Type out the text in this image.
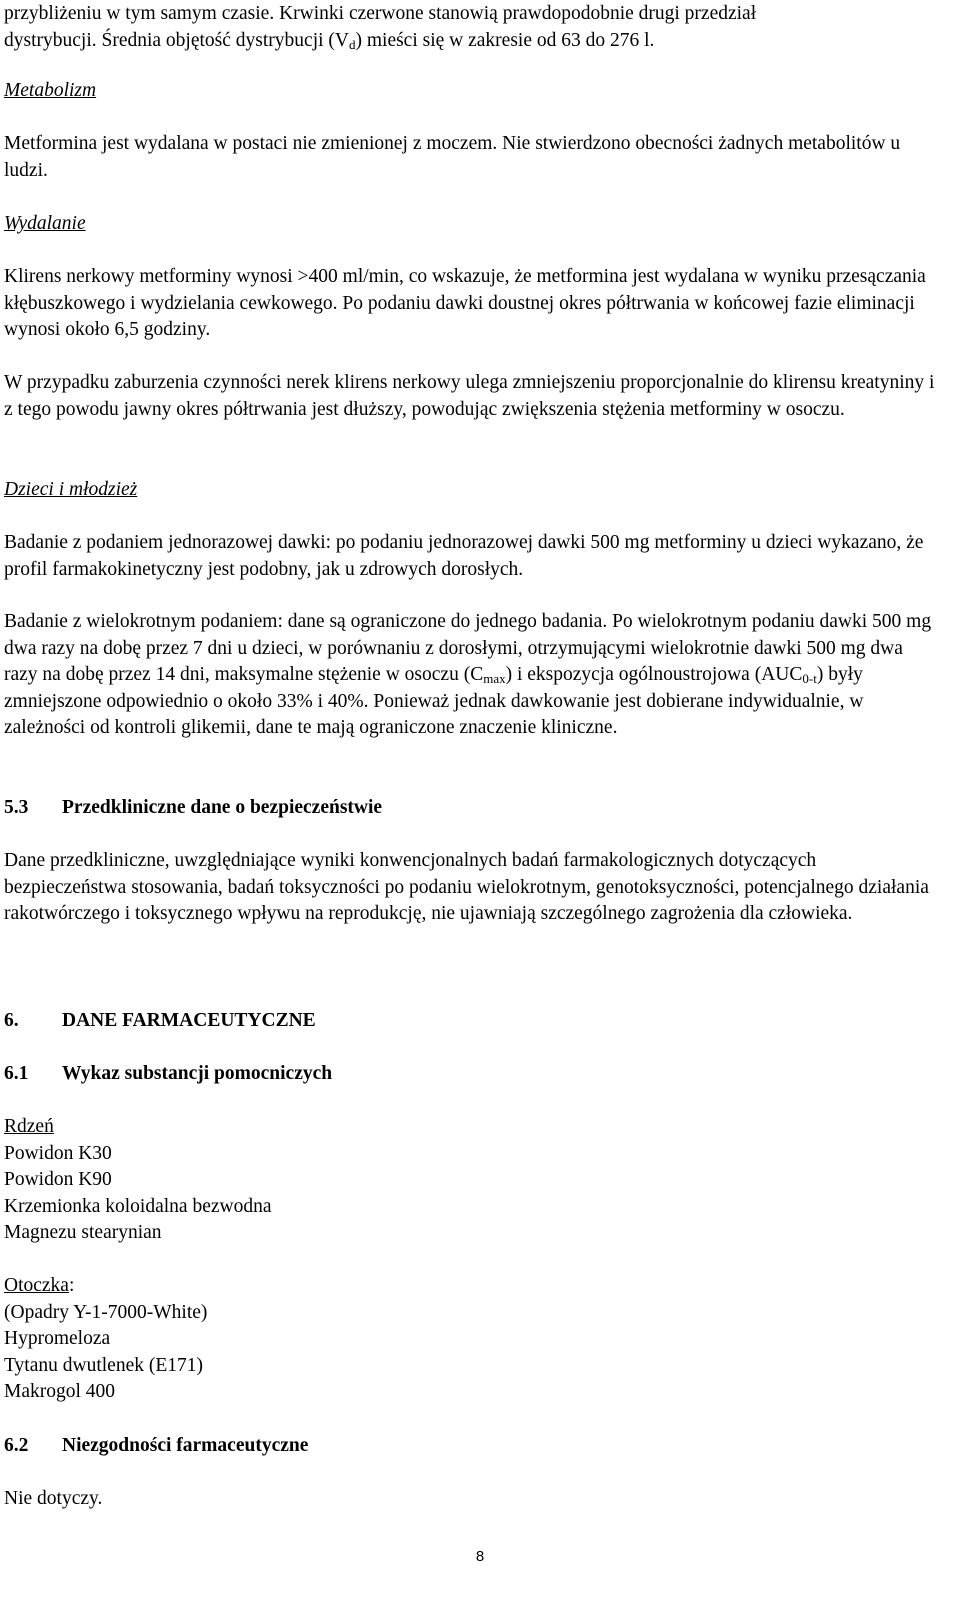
przybliżeniu w tym samym czasie. Krwinki czerwone stanowią prawdopodobnie drugi przedział
dystrybucji. Średnia objętość dystrybucji $(V_d)$ mieści się w zakresie od 63 do 276 l.

Metabolizm

Metformina jest wydalana w postaci nie zmienionej z moczem. Nie stwierdzono obecności żadnych metabolitów u ludzi.

Wydalanie

Klirens nerkowy metforminy wynosi >400 ml/min, co wskazuje, że metformina jest wydalana w wyniku przesączania kłębuszkowego i wydzielania cewkowego. Po podaniu dawki doustnej okres półtrwania w końcowej fazie eliminacji wynosi około 6,5 godziny.

W przypadku zaburzenia czynności nerek klirens nerkowy ulega zmniejszeniu proporcjonalnie do klirensu kreatyniny i z tego powodu jawny okres półtrwania jest dłuższy, powodując zwiększenia stężenia metforminy w osoczu.

Dzieci i młodzież

Badanie z podaniem jednorazowej dawki: po podaniu jednorazowej dawki 500 mg metforminy u dzieci wykazano, że profil farmakokinetyczny jest podobny, jak u zdrowych dorosłych.

Badanie z wielokrotnym podaniem: dane są ograniczone do jednego badania. Po wielokrotnym podaniu dawki 500 mg dwa razy na dobę przez 7 dni u dzieci, w porównaniu z dorosłymi, otrzymującymi wielokrotnie dawki 500 mg dwa razy na dobę przez 14 dni, maksymalne stężenie w osoczu $(C_{max})$ i ekspozycja ogólnoustrojowa $(AUC_{0-t})$ były zmniejszone odpowiednio o około 33% i 40%. Ponieważ jednak dawkowanie jest dobierane indywidualnie, w zależności od kontroli glikemii, dane te mają ograniczone znaczenie kliniczne.

5.3 Przedkliniczne dane o bezpieczeństwie

Dane przedkliniczne, uwzględniające wyniki konwencjonalnych badań farmakologicznych dotyczących bezpieczeństwa stosowania, badań toksyczności po podaniu wielokrotnym, genotoksyczności, potencjalnego działania rakotwórczego i toksycznego wpływu na reprodukcję, nie ujawniają szczególnego zagrożenia dla człowieka.

6. DANE FARMACEUTYCZNE

6.1 Wykaz substancji pomocniczych

Rdzeń
Powidon K30
Powidon K90
Krzemionka koloidalna bezwodna
Magnezu stearynian
Otoczka:
(Opadry Y-1-7000-White)
Hypromeloza
Tytanu dwutlenek (E171)
Makrogol 400

6.2 Niezgodności farmaceutyczne

Nie dotyczy.

8
